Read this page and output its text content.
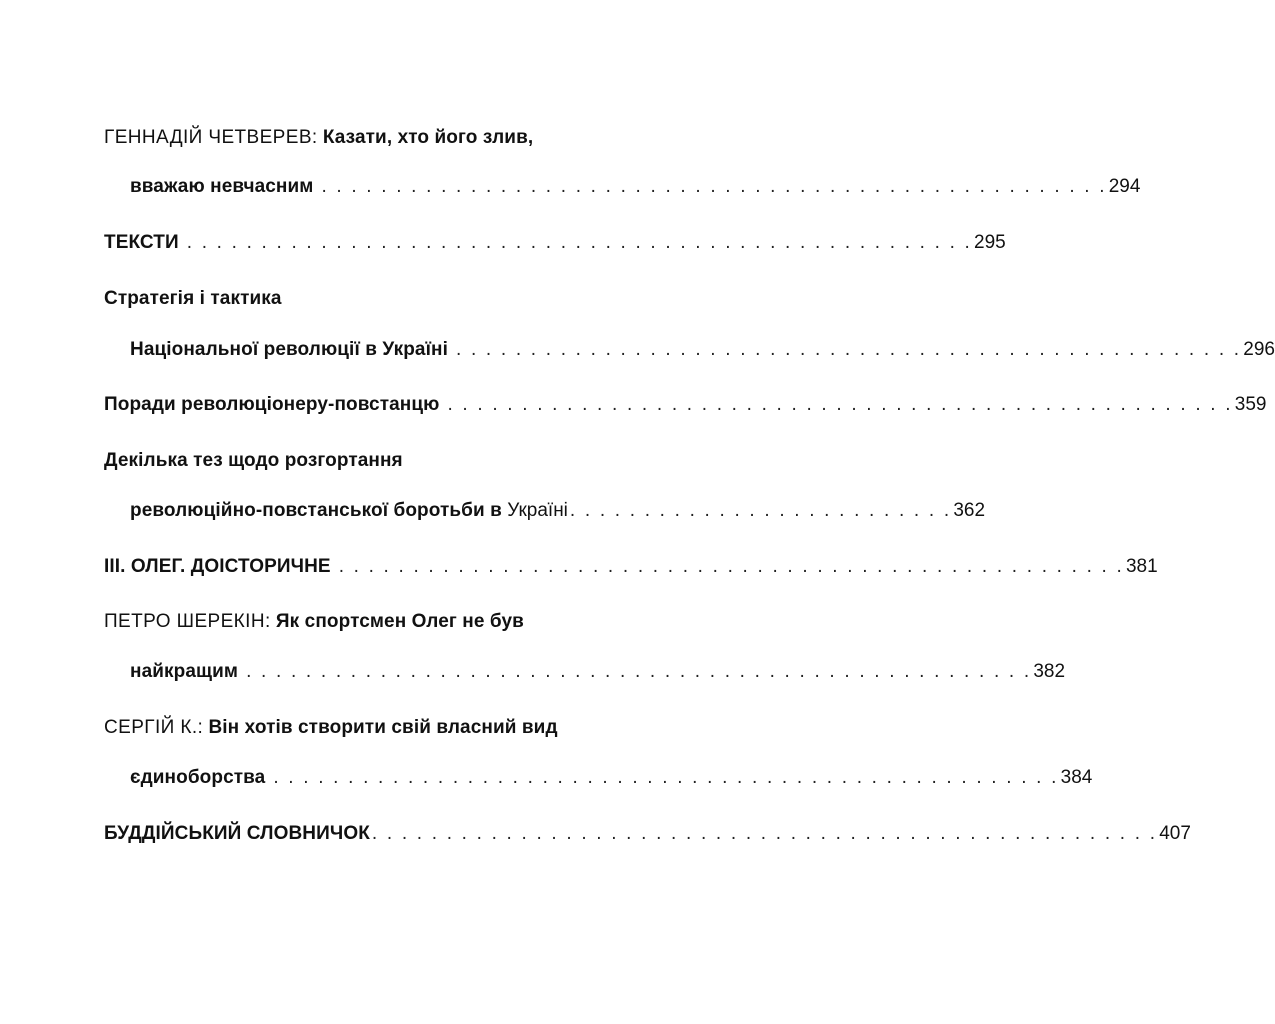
ГЕННАДІЙ ЧЕТВЕРЕВ:
Казати, хто його злив,
вважаю невчасним . . . . . . . . . . . . . . . . . . . . . . . . . . . . . . . . . . . . . . . . . . . . . . . . . . . . . 294
ТЕКСТИ . . . . . . . . . . . . . . . . . . . . . . . . . . . . . . . . . . . . . . . . . . . . . . . . . . . . . 295
Стратегія і тактика
Національної революції в Україні . . . . . . . . . . . . . . . . . . . . . . . . . . . . . . . . . . . . . . . . . . . . . . . . . . . . . 296
Поради революціонеру-повстанцю . . . . . . . . . . . . . . . . . . . . . . . . . . . . . . . . . . . . . . . . . . . . . . . . . . . . . 359
Декілька тез щодо розгортання
революційно-повстанської боротьби в
Україні . . . . . . . . . . . . . . . . . . . . . . . . . . 362
ІІІ. ОЛЕГ. ДОІСТОРИЧНЕ . . . . . . . . . . . . . . . . . . . . . . . . . . . . . . . . . . . . . . . . . . . . . . . . . . . . . 381
ПЕТРО ШЕРЕКІН:
Як спортсмен Олег не був
найкращим . . . . . . . . . . . . . . . . . . . . . . . . . . . . . . . . . . . . . . . . . . . . . . . . . . . . . 382
СЕРГІЙ К.:
Він хотів створити свій власний вид
єдиноборства . . . . . . . . . . . . . . . . . . . . . . . . . . . . . . . . . . . . . . . . . . . . . . . . . . . . . 384
БУДДІЙСЬКИЙ СЛОВНИЧОК . . . . . . . . . . . . . . . . . . . . . . . . . . . . . . . . . . . . . . . . . . . . . . . . . . . . . 407
